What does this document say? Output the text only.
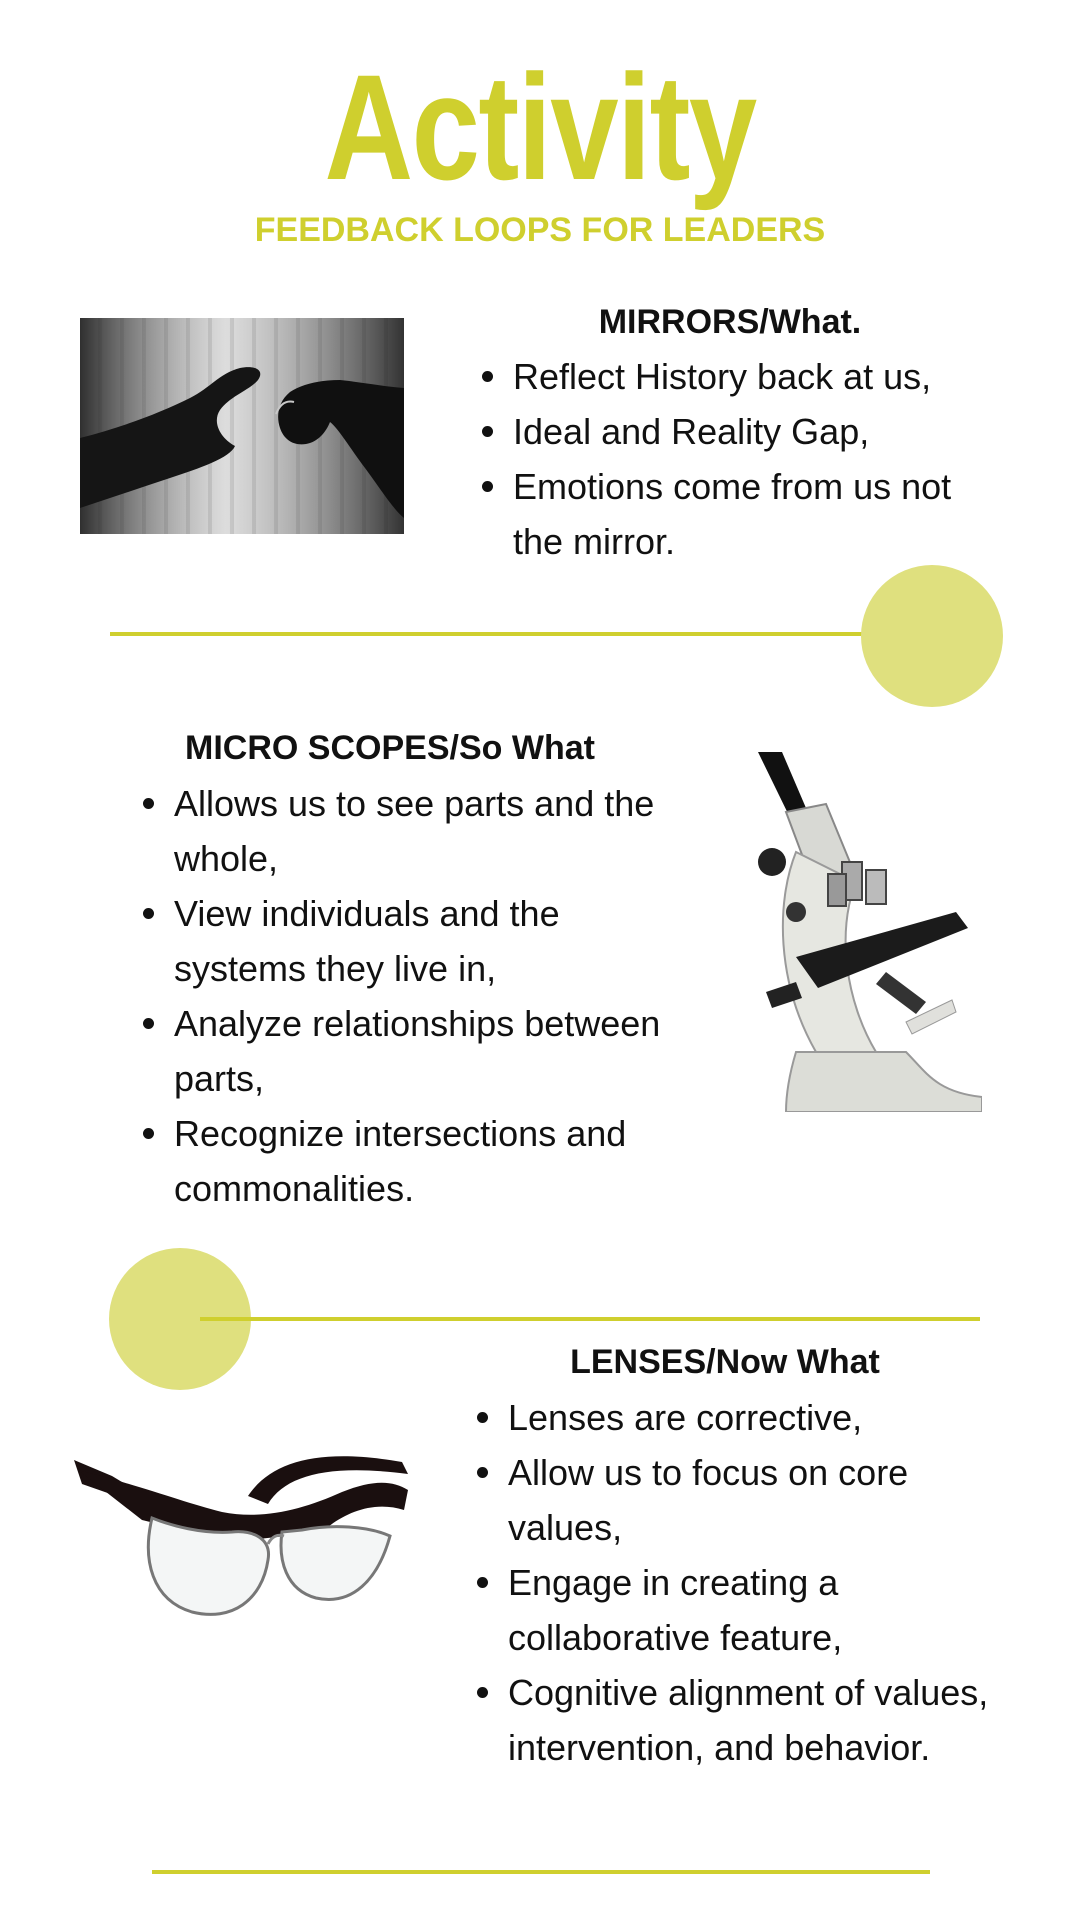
Activity
FEEDBACK LOOPS FOR LEADERS
MIRRORS/What.
Reflect History back at us,
Ideal and Reality Gap,
Emotions come from us not the mirror.
MICRO SCOPES/So What
Allows us to see parts and the whole,
View individuals and the systems they live in,
Analyze relationships between parts,
Recognize intersections and commonalities.
LENSES/Now What
Lenses are corrective,
Allow us to focus on core values,
Engage in creating a collaborative feature,
Cognitive alignment of values, intervention, and behavior.
